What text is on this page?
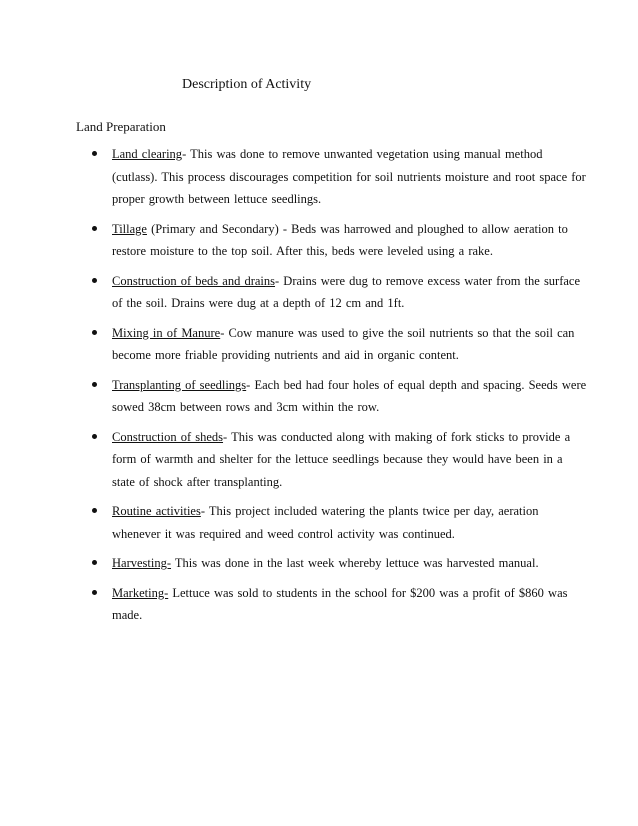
Description of Activity
Land Preparation
Land clearing- This was done to remove unwanted vegetation using manual method (cutlass). This process discourages competition for soil nutrients moisture and root space for proper growth between lettuce seedlings.
Tillage (Primary and Secondary) - Beds was harrowed and ploughed to allow aeration to restore moisture to the top soil. After this, beds were leveled using a rake.
Construction of beds and drains- Drains were dug to remove excess water from the surface of the soil. Drains were dug at a depth of 12 cm and 1ft.
Mixing in of Manure- Cow manure was used to give the soil nutrients so that the soil can become more friable providing nutrients and aid in organic content.
Transplanting of seedlings- Each bed had four holes of equal depth and spacing. Seeds were sowed 38cm between rows and 3cm within the row.
Construction of sheds- This was conducted along with making of fork sticks to provide a form of warmth and shelter for the lettuce seedlings because they would have been in a state of shock after transplanting.
Routine activities- This project included watering the plants twice per day, aeration whenever it was required and weed control activity was continued.
Harvesting- This was done in the last week whereby lettuce was harvested manual.
Marketing- Lettuce was sold to students in the school for $200 was a profit of $860 was made.
